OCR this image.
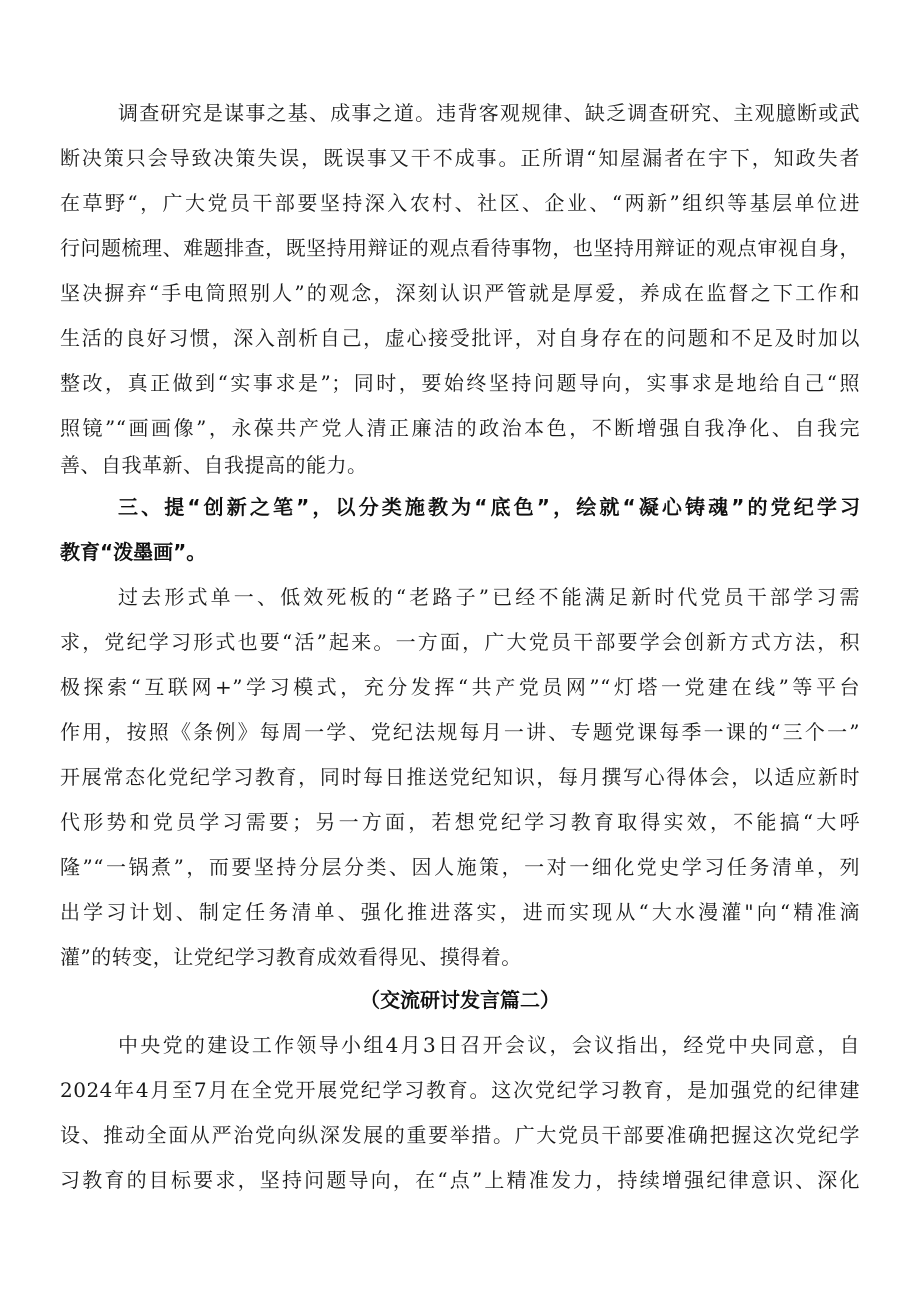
调查研究是谋事之基、成事之道。违背客观规律、缺乏调查研究、主观臆断或武
断决策只会导致决策失误，既误事又干不成事。正所谓“知屋漏者在宇下，知政失者
在草野“，广大党员干部要坚持深入农村、社区、企业、“两新”组织等基层单位进
行问题梳理、难题排查，既坚持用辩证的观点看待事物，也坚持用辩证的观点审视自身，
坚决摒弃“手电筒照别人”的观念，深刻认识严管就是厚爱，养成在监督之下工作和
生活的良好习惯，深入剖析自己，虚心接受批评，对自身存在的问题和不足及时加以
整改，真正做到“实事求是”；同时，要始终坚持问题导向，实事求是地给自己“照
照镜”“画画像”，永葆共产党人清正廉洁的政治本色，不断增强自我净化、自我完
善、自我革新、自我提高的能力。
三、提“创新之笔”，以分类施教为“底色”，绘就“凝心铸魂”的党纪学习
教育“泼墨画”。
过去形式单一、低效死板的“老路子”已经不能满足新时代党员干部学习需
求，党纪学习形式也要“活”起来。一方面，广大党员干部要学会创新方式方法，积
极探索“互联网+”学习模式，充分发挥“共产党员网”“灯塔一党建在线”等平台
作用，按照《条例》每周一学、党纪法规每月一讲、专题党课每季一课的“三个一”
开展常态化党纪学习教育，同时每日推送党纪知识，每月撰写心得体会，以适应新时
代形势和党员学习需要；另一方面，若想党纪学习教育取得实效，不能搞“大呼
隆”“一锅煮”，而要坚持分层分类、因人施策，一对一细化党史学习任务清单，列
出学习计划、制定任务清单、强化推进落实，进而实现从“大水漫灌"向“精准滴
灌”的转变，让党纪学习教育成效看得见、摸得着。
（交流研讨发言篇二）
中央党的建设工作领导小组4月3日召开会议，会议指出，经党中央同意，自
2024年4月至7月在全党开展党纪学习教育。这次党纪学习教育，是加强党的纪律建
设、推动全面从严治党向纵深发展的重要举措。广大党员干部要准确把握这次党纪学
习教育的目标要求，坚持问题导向，在“点”上精准发力，持续增强纪律意识、深化
